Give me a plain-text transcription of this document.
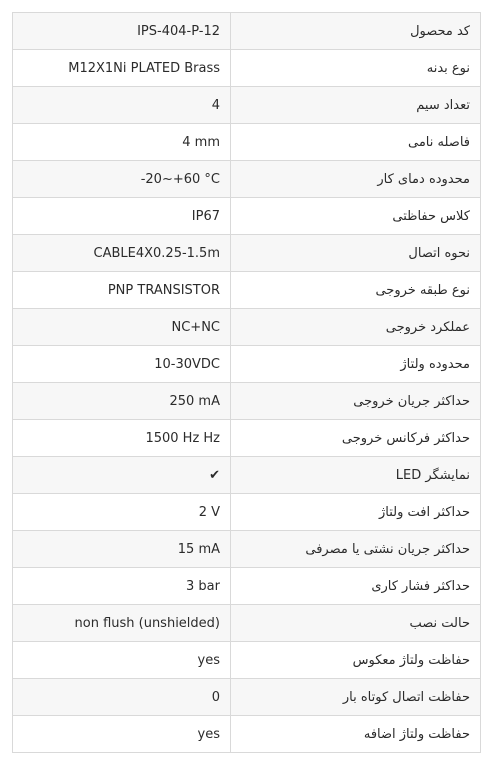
IPS-404-P-12	کد محصول
M12X1Ni PLATED Brass	نوع بدنه
4	تعداد سیم
4 mm	فاصله نامی
-20~+60 °C	محدوده دمای کار
IP67	کلاس حفاظتی
CABLE4X0.25-1.5m	نحوه اتصال
PNP TRANSISTOR	نوع طبقه خروجی
NC+NC	عملکرد خروجی
10-30VDC	محدوده ولتاژ
250 mA	حداکثر جریان خروجی
1500 Hz Hz	حداکثر فرکانس خروجی
✔	نمایشگر LED
2 V	حداکثر افت ولتاژ
15 mA	حداکثر جریان نشتی یا مصرفی
3 bar	حداکثر فشار کاری
non flush (unshielded)	حالت نصب
yes	حفاظت ولتاژ معکوس
0	حفاظت اتصال کوتاه بار
yes	حفاظت ولتاژ اضافه
